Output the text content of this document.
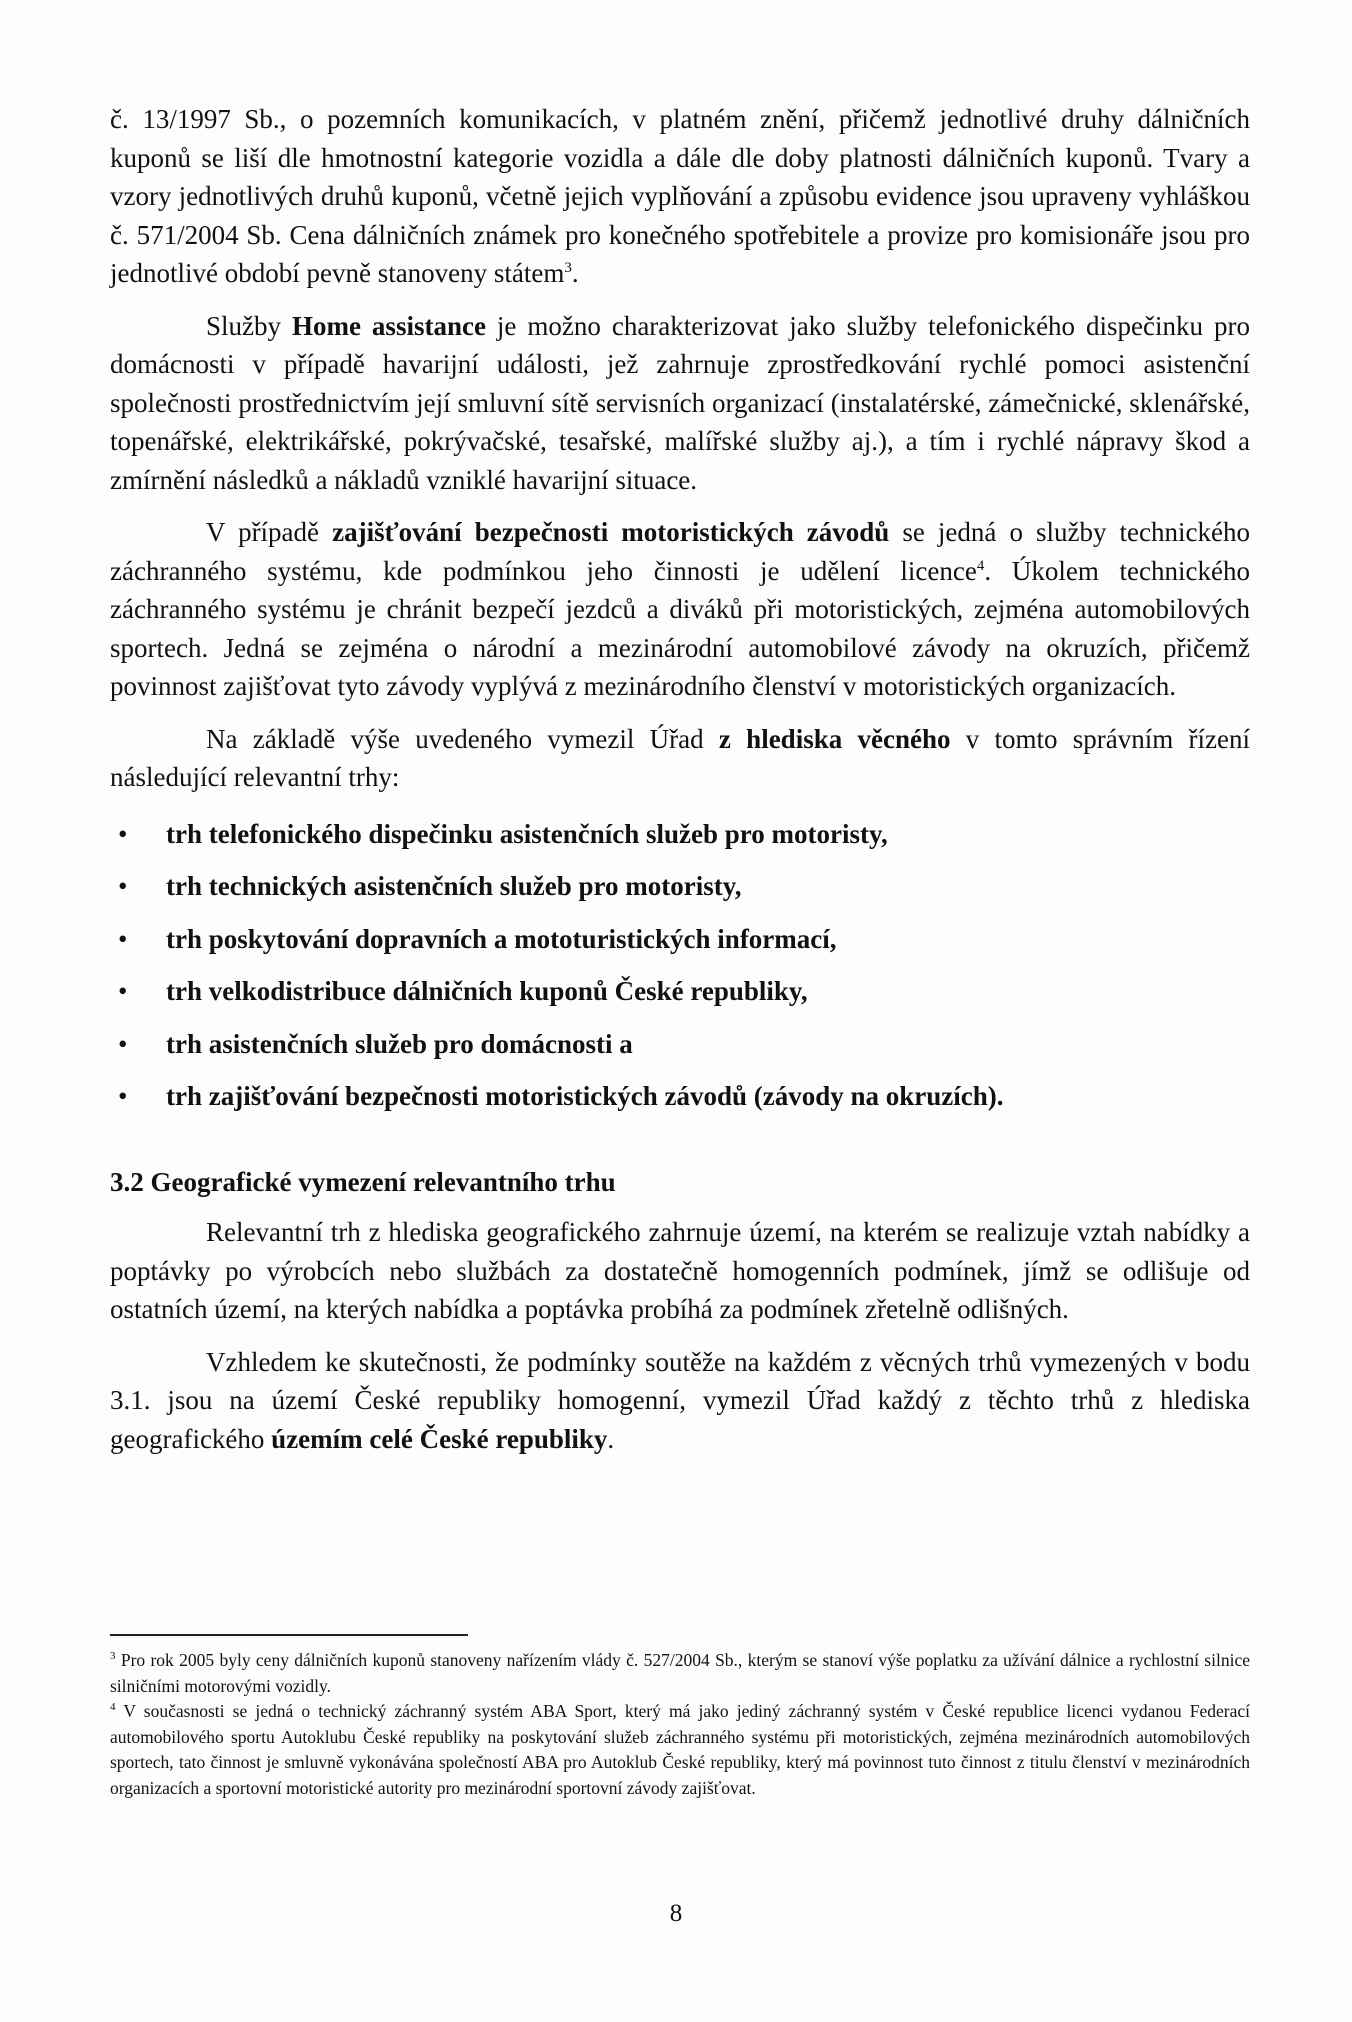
č. 13/1997 Sb., o pozemních komunikacích, v platném znění, přičemž jednotlivé druhy dálničních kuponů se liší dle hmotnostní kategorie vozidla a dále dle doby platnosti dálničních kuponů. Tvary a vzory jednotlivých druhů kuponů, včetně jejich vyplňování a způsobu evidence jsou upraveny vyhláškou č. 571/2004 Sb. Cena dálničních známek pro konečného spotřebitele a provize pro komisionáře jsou pro jednotlivé období pevně stanoveny státem$^3$.

Služby Home assistance je možno charakterizovat jako služby telefonického dispečinku pro domácnosti v případě havarijní události, jež zahrnuje zprostředkování rychlé pomoci asistenční společnosti prostřednictvím její smluvní sítě servisních organizací (instalatérské, zámečnické, sklenářské, topenářské, elektrikářské, pokrývačské, tesařské, malířské služby aj.), a tím i rychlé nápravy škod a zmírnění následků a nákladů vzniklé havarijní situace.

V případě zajišťování bezpečnosti motoristických závodů se jedná o služby technického záchranného systému, kde podmínkou jeho činnosti je udělení licence$^4$. Úkolem technického záchranného systému je chránit bezpečí jezdců a diváků při motoristických, zejména automobilových sportech. Jedná se zejména o národní a mezinárodní automobilové závody na okruzích, přičemž povinnost zajišťovat tyto závody vyplývá z mezinárodního členství v motoristických organizacích.

Na základě výše uvedeného vymezil Úřad z hlediska věcného v tomto správním řízení následující relevantní trhy:

• trh telefonického dispečinku asistenčních služeb pro motoristy,
• trh technických asistenčních služeb pro motoristy,
• trh poskytování dopravních a mototuristických informací,
• trh velkodistribuce dálničních kuponů České republiky,
• trh asistenčních služeb pro domácnosti a
• trh zajišťování bezpečnosti motoristických závodů (závody na okruzích).
3.2 Geografické vymezení relevantního trhu

Relevantní trh z hlediska geografického zahrnuje území, na kterém se realizuje vztah nabídky a poptávky po výrobcích nebo službách za dostatečně homogenních podmínek, jímž se odlišuje od ostatních území, na kterých nabídka a poptávka probíhá za podmínek zřetelně odlišných.

Vzhledem ke skutečnosti, že podmínky soutěže na každém z věcných trhů vymezených v bodu 3.1. jsou na území České republiky homogenní, vymezil Úřad každý z těchto trhů z hlediska geografického územím celé České republiky.

$^3$ Pro rok 2005 byly ceny dálničních kuponů stanoveny nařízením vlády č. 527/2004 Sb., kterým se stanoví výše poplatku za užívání dálnice a rychlostní silnice silničními motorovými vozidly.

$^4$ V současnosti se jedná o technický záchranný systém ABA Sport, který má jako jediný záchranný systém v České republice licenci vydanou Federací automobilového sportu Autoklubu České republiky na poskytování služeb záchranného systému při motoristických, zejména mezinárodních automobilových sportech, tato činnost je smluvně vykonávána společností ABA pro Autoklub České republiky, který má povinnost tuto činnost z titulu členství v mezinárodních organizacích a sportovní motoristické autority pro mezinárodní sportovní závody zajišťovat.

8
